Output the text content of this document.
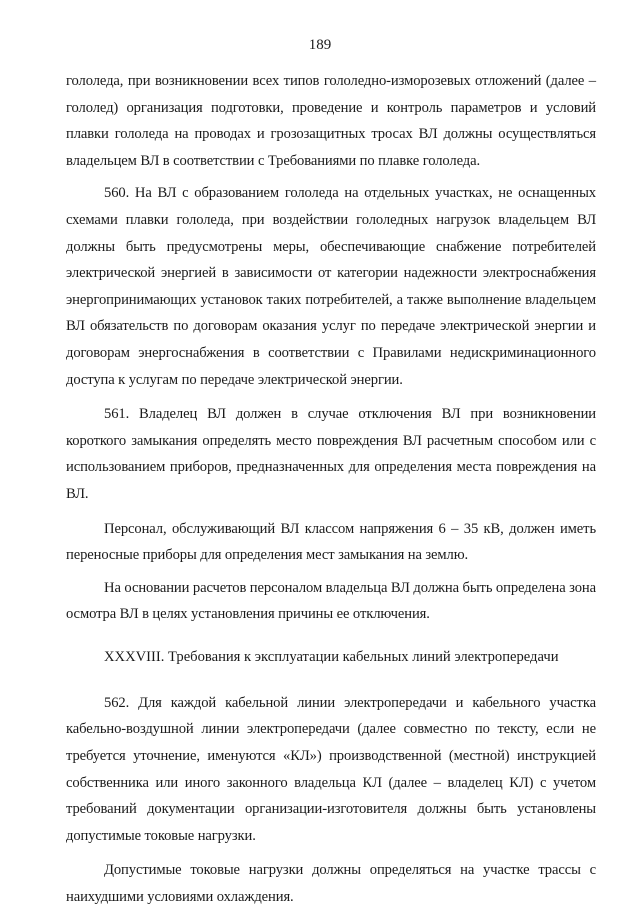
189

гололеда, при возникновении всех типов гололедно-изморозевых отложений (далее – гололед) организация подготовки, проведение и контроль параметров и условий плавки гололеда на проводах и грозозащитных тросах ВЛ должны осуществляться владельцем ВЛ в соответствии с Требованиями по плавке гололеда.

560. На ВЛ с образованием гололеда на отдельных участках, не оснащенных схемами плавки гололеда, при воздействии гололедных нагрузок владельцем ВЛ должны быть предусмотрены меры, обеспечивающие снабжение потребителей электрической энергией в зависимости от категории надежности электроснабжения энергопринимающих установок таких потребителей, а также выполнение владельцем ВЛ обязательств по договорам оказания услуг по передаче электрической энергии и договорам энергоснабжения в соответствии с Правилами недискриминационного доступа к услугам по передаче электрической энергии.

561. Владелец ВЛ должен в случае отключения ВЛ при возникновении короткого замыкания определять место повреждения ВЛ расчетным способом или с использованием приборов, предназначенных для определения места повреждения на ВЛ.

Персонал, обслуживающий ВЛ классом напряжения 6 – 35 кВ, должен иметь переносные приборы для определения мест замыкания на землю.

На основании расчетов персоналом владельца ВЛ должна быть определена зона осмотра ВЛ в целях установления причины ее отключения.

XXXVIII. Требования к эксплуатации кабельных линий электропередачи

562. Для каждой кабельной линии электропередачи и кабельного участка кабельно-воздушной линии электропередачи (далее совместно по тексту, если не требуется уточнение, именуются «КЛ») производственной (местной) инструкцией собственника или иного законного владельца КЛ (далее – владелец КЛ) с учетом требований документации организации-изготовителя должны быть установлены допустимые токовые нагрузки.

Допустимые токовые нагрузки должны определяться на участке трассы с наихудшими условиями охлаждения.
